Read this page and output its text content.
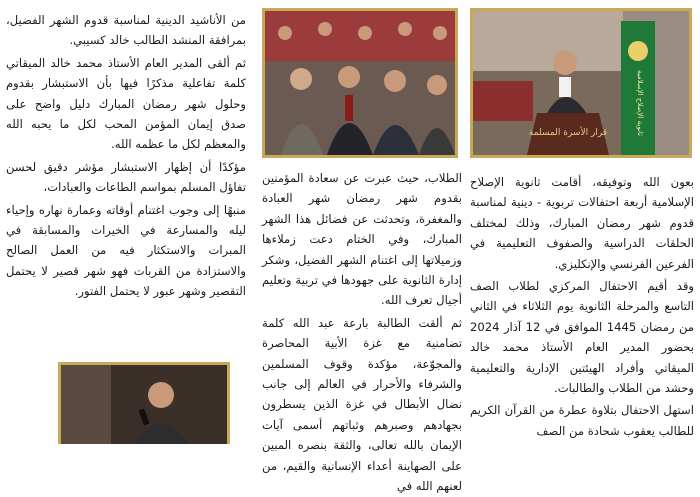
ثانوية الإصلاح الإسلامية
قرار الأسرة المسلمة

بعون الله وتوفيقه، أقامت ثانوية الإصلاح الإسلامية أربعة احتفالات تربوية - دينية لمناسبة قدوم شهر رمضان المبارك، وذلك لمختلف الحلقات الدراسية والصفوف التعليمية في الفرعين الفرنسي والإنكليزي.

وقد أقيم الاحتفال المركزي لطلاب الصف التاسع والمرحلة الثانوية يوم الثلاثاء في الثاني من رمضان 1445 الموافق في 12 آذار 2024 بحضور المدير العام الأستاذ محمد خالد الميقاتي وأفراد الهيئتين الإدارية والتعليمية وحشد من الطلاب والطالبات.

استهل الاحتفال بتلاوة عطرة من القرآن الكريم للطالب يعقوب شحادة من الصف

الطلاب، حيث عبرت عن سعادة المؤمنين بقدوم شهر رمضان شهر العبادة والمغفرة، وتحدثت عن فضائل هذا الشهر المبارك، وفي الختام دعت زملاءها وزميلاتها إلى اغتنام الشهر الفضيل، وشكر إدارة الثانوية على جهودها في تربية وتعليم أجيال تعرف الله.

ثم ألقت الطالبة بارعة عبد الله كلمة تضامنية مع غزة الأبية المحاصرة والمجوّعة، مؤكدة وقوف المسلمين والشرفاء والأحرار في العالم إلى جانب نضال الأبطال في غزة الذين يسطرون بجهادهم وصبرهم وثباتهم أسمى آيات الإيمان بالله تعالى، والثقة بنصره المبين على الصهاينة أعداء الإنسانية والقيم، من لعنهم الله في

من الأناشيد الدينية لمناسبة قدوم الشهر الفضيل، بمرافقة المنشد الطالب خالد كسيبي.

ثم ألقى المدير العام الأستاذ محمد خالد الميقاتي كلمة تفاعلية مذكرًا فيها بأن الاستبشار بقدوم وحلول شهر رمضان المبارك دليل واضح على صدق إيمان المؤمن المحب لكل ما يحبه الله والمعظم لكل ما عظمه الله.

مؤكدًا أن إظهار الاستبشار مؤشر دقيق لحسن تفاؤل المسلم بمواسم الطاعات والعبادات،

منبهًا إلى وجوب اغتنام أوقاته وعمارة نهاره وإحياء ليله والمسارعة في الخيرات والمسابقة في المبرات والاستكثار فيه من العمل الصالح والاستزادة من القربات فهو شهر قصير لا يحتمل التقصير وشهر عبور لا يحتمل الفتور.
